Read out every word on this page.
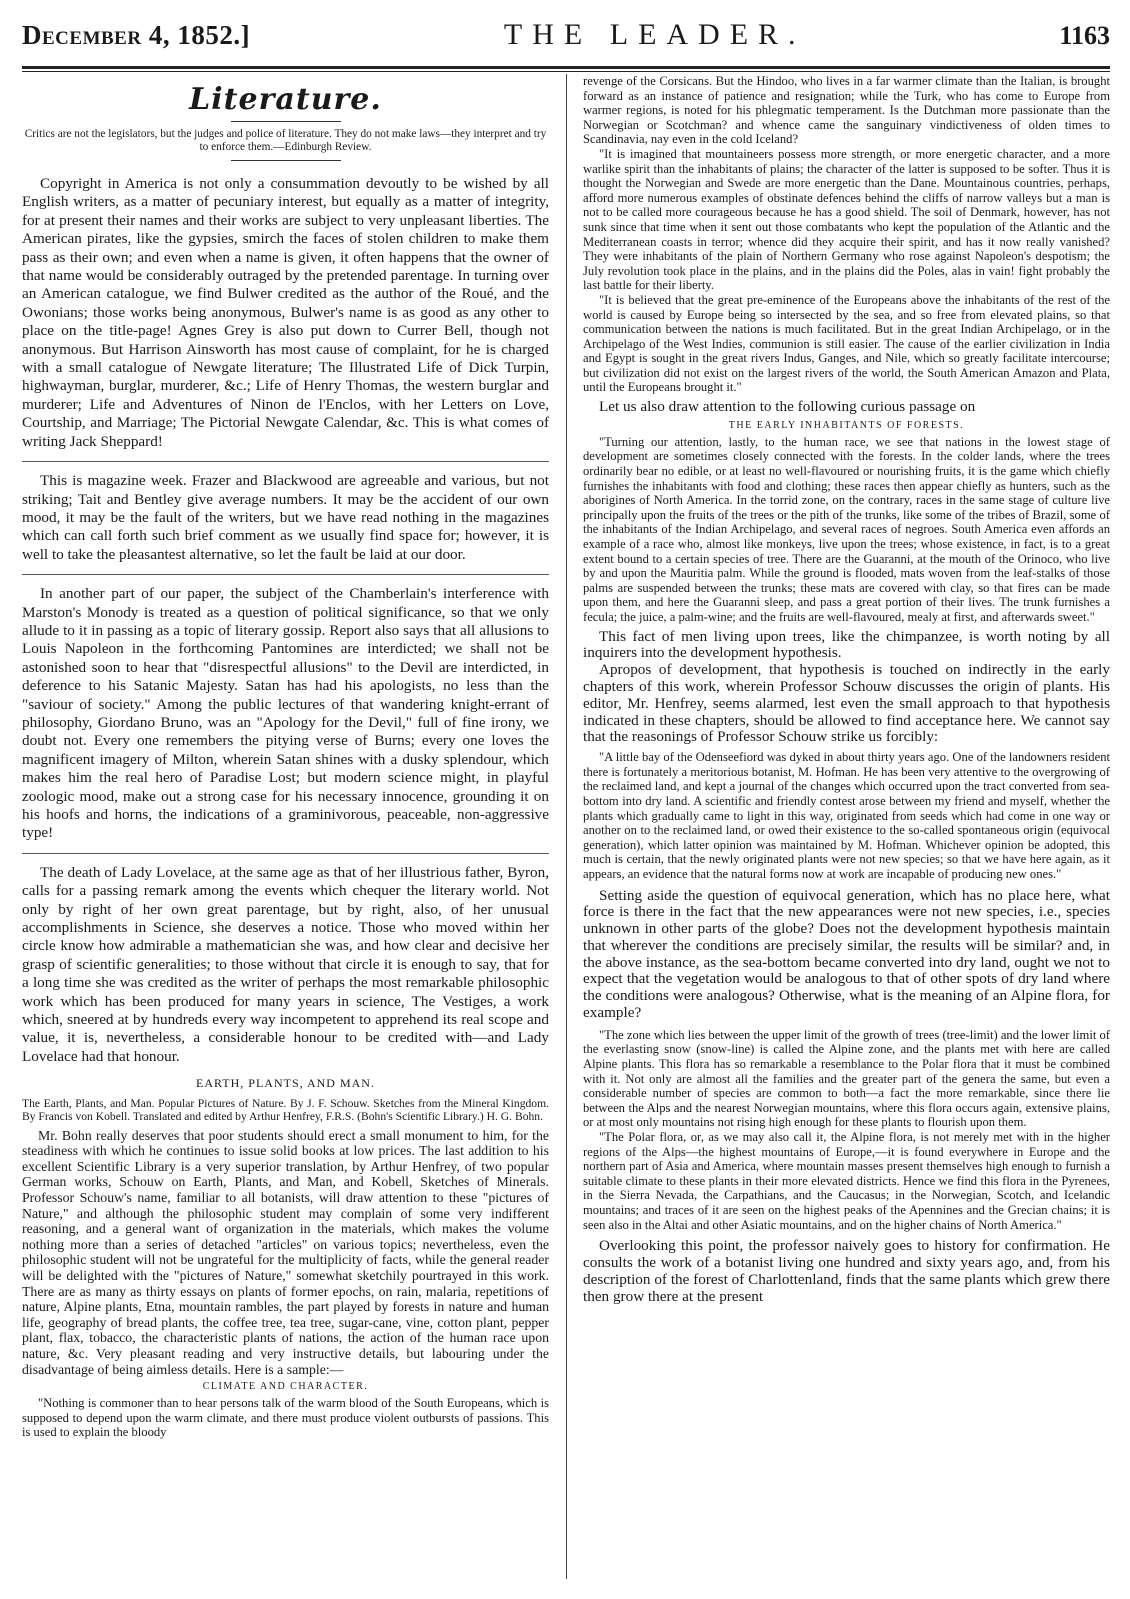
December 4, 1852.]	THE LEADER.	1163
Literature.

Critics are not the legislators, but the judges and police of literature. They do not make laws—they interpret and try to enforce them.—Edinburgh Review.

Copyright in America is not only a consummation devoutly to be wished by all English writers, as a matter of pecuniary interest, but equally as a matter of integrity, for at present their names and their works are subject to very unpleasant liberties. The American pirates, like the gypsies, smirch the faces of stolen children to make them pass as their own; and even when a name is given, it often happens that the owner of that name would be considerably outraged by the pretended parentage. In turning over an American catalogue, we find Bulwer credited as the author of the Roué, and the Owonians; those works being anonymous, Bulwer's name is as good as any other to place on the title-page! Agnes Grey is also put down to Currer Bell, though not anonymous. But Harrison Ainsworth has most cause of complaint, for he is charged with a small catalogue of Newgate literature; The Illustrated Life of Dick Turpin, highwayman, burglar, murderer, &c.; Life of Henry Thomas, the western burglar and murderer; Life and Adventures of Ninon de l'Enclos, with her Letters on Love, Courtship, and Marriage; The Pictorial Newgate Calendar, &c. This is what comes of writing Jack Sheppard!

This is magazine week. Frazer and Blackwood are agreeable and various, but not striking; Tait and Bentley give average numbers. It may be the accident of our own mood, it may be the fault of the writers, but we have read nothing in the magazines which can call forth such brief comment as we usually find space for; however, it is well to take the pleasantest alternative, so let the fault be laid at our door.

In another part of our paper, the subject of the Chamberlain's interference with Marston's Monody is treated as a question of political significance, so that we only allude to it in passing as a topic of literary gossip. Report also says that all allusions to Louis Napoleon in the forthcoming Pantomines are interdicted; we shall not be astonished soon to hear that "disrespectful allusions" to the Devil are interdicted, in deference to his Satanic Majesty. Satan has had his apologists, no less than the "saviour of society." Among the public lectures of that wandering knight-errant of philosophy, Giordano Bruno, was an "Apology for the Devil," full of fine irony, we doubt not. Every one remembers the pitying verse of Burns; every one loves the magnificent imagery of Milton, wherein Satan shines with a dusky splendour, which makes him the real hero of Paradise Lost; but modern science might, in playful zoologic mood, make out a strong case for his necessary innocence, grounding it on his hoofs and horns, the indications of a graminivorous, peaceable, non-aggressive type!

The death of Lady Lovelace, at the same age as that of her illustrious father, Byron, calls for a passing remark among the events which chequer the literary world. Not only by right of her own great parentage, but by right, also, of her unusual accomplishments in Science, she deserves a notice. Those who moved within her circle know how admirable a mathematician she was, and how clear and decisive her grasp of scientific generalities; to those without that circle it is enough to say, that for a long time she was credited as the writer of perhaps the most remarkable philosophic work which has been produced for many years in science, The Vestiges, a work which, sneered at by hundreds every way incompetent to apprehend its real scope and value, it is, nevertheless, a considerable honour to be credited with—and Lady Lovelace had that honour.

EARTH, PLANTS, AND MAN.

The Earth, Plants, and Man. Popular Pictures of Nature. By J. F. Schouw. Sketches from the Mineral Kingdom. By Francis von Kobell. Translated and edited by Arthur Henfrey, F.R.S. (Bohn's Scientific Library.) H. G. Bohn.

Mr. Bohn really deserves that poor students should erect a small monument to him, for the steadiness with which he continues to issue solid books at low prices. The last addition to his excellent Scientific Library is a very superior translation, by Arthur Henfrey, of two popular German works, Schouw on Earth, Plants, and Man, and Kobell, Sketches of Minerals. Professor Schouw's name, familiar to all botanists, will draw attention to these "pictures of Nature," and although the philosophic student may complain of some very indifferent reasoning, and a general want of organization in the materials, which makes the volume nothing more than a series of detached "articles" on various topics; nevertheless, even the philosophic student will not be ungrateful for the multiplicity of facts, while the general reader will be delighted with the "pictures of Nature," somewhat sketchily pourtrayed in this work. There are as many as thirty essays on plants of former epochs, on rain, malaria, repetitions of nature, Alpine plants, Etna, mountain rambles, the part played by forests in nature and human life, geography of bread plants, the coffee tree, tea tree, sugar-cane, vine, cotton plant, pepper plant, flax, tobacco, the characteristic plants of nations, the action of the human race upon nature, &c. Very pleasant reading and very instructive details, but labouring under the disadvantage of being aimless details. Here is a sample:—

CLIMATE AND CHARACTER.

"Nothing is commoner than to hear persons talk of the warm blood of the South Europeans, which is supposed to depend upon the warm climate, and there must produce violent outbursts of passions. This is used to explain the bloody

revenge of the Corsicans. But the Hindoo, who lives in a far warmer climate than the Italian, is brought forward as an instance of patience and resignation; while the Turk, who has come to Europe from warmer regions, is noted for his phlegmatic temperament. Is the Dutchman more passionate than the Norwegian or Scotchman? and whence came the sanguinary vindictiveness of olden times to Scandinavia, nay even in the cold Iceland?

"It is imagined that mountaineers possess more strength, or more energetic character, and a more warlike spirit than the inhabitants of plains; the character of the latter is supposed to be softer. Thus it is thought the Norwegian and Swede are more energetic than the Dane. Mountainous countries, perhaps, afford more numerous examples of obstinate defences behind the cliffs of narrow valleys but a man is not to be called more courageous because he has a good shield. The soil of Denmark, however, has not sunk since that time when it sent out those combatants who kept the population of the Atlantic and the Mediterranean coasts in terror; whence did they acquire their spirit, and has it now really vanished? They were inhabitants of the plain of Northern Germany who rose against Napoleon's despotism; the July revolution took place in the plains, and in the plains did the Poles, alas in vain! fight probably the last battle for their liberty.

"It is believed that the great pre-eminence of the Europeans above the inhabitants of the rest of the world is caused by Europe being so intersected by the sea, and so free from elevated plains, so that communication between the nations is much facilitated. But in the great Indian Archipelago, or in the Archipelago of the West Indies, communion is still easier. The cause of the earlier civilization in India and Egypt is sought in the great rivers Indus, Ganges, and Nile, which so greatly facilitate intercourse; but civilization did not exist on the largest rivers of the world, the South American Amazon and Plata, until the Europeans brought it."

Let us also draw attention to the following curious passage on

THE EARLY INHABITANTS OF FORESTS.

"Turning our attention, lastly, to the human race, we see that nations in the lowest stage of development are sometimes closely connected with the forests. In the colder lands, where the trees ordinarily bear no edible, or at least no well-flavoured or nourishing fruits, it is the game which chiefly furnishes the inhabitants with food and clothing; these races then appear chiefly as hunters, such as the aborigines of North America. In the torrid zone, on the contrary, races in the same stage of culture live principally upon the fruits of the trees or the pith of the trunks, like some of the tribes of Brazil, some of the inhabitants of the Indian Archipelago, and several races of negroes. South America even affords an example of a race who, almost like monkeys, live upon the trees; whose existence, in fact, is to a great extent bound to a certain species of tree. There are the Guaranni, at the mouth of the Orinoco, who live by and upon the Mauritia palm. While the ground is flooded, mats woven from the leaf-stalks of those palms are suspended between the trunks; these mats are covered with clay, so that fires can be made upon them, and here the Guaranni sleep, and pass a great portion of their lives. The trunk furnishes a fecula; the juice, a palm-wine; and the fruits are well-flavoured, mealy at first, and afterwards sweet."

This fact of men living upon trees, like the chimpanzee, is worth noting by all inquirers into the development hypothesis.

Apropos of development, that hypothesis is touched on indirectly in the early chapters of this work, wherein Professor Schouw discusses the origin of plants. His editor, Mr. Henfrey, seems alarmed, lest even the small approach to that hypothesis indicated in these chapters, should be allowed to find acceptance here. We cannot say that the reasonings of Professor Schouw strike us forcibly:

"A little bay of the Odenseefiord was dyked in about thirty years ago. One of the landowners resident there is fortunately a meritorious botanist, M. Hofman. He has been very attentive to the overgrowing of the reclaimed land, and kept a journal of the changes which occurred upon the tract converted from sea-bottom into dry land. A scientific and friendly contest arose between my friend and myself, whether the plants which gradually came to light in this way, originated from seeds which had come in one way or another on to the reclaimed land, or owed their existence to the so-called spontaneous origin (equivocal generation), which latter opinion was maintained by M. Hofman. Whichever opinion be adopted, this much is certain, that the newly originated plants were not new species; so that we have here again, as it appears, an evidence that the natural forms now at work are incapable of producing new ones."

Setting aside the question of equivocal generation, which has no place here, what force is there in the fact that the new appearances were not new species, i.e., species unknown in other parts of the globe? Does not the development hypothesis maintain that wherever the conditions are precisely similar, the results will be similar? and, in the above instance, as the sea-bottom became converted into dry land, ought we not to expect that the vegetation would be analogous to that of other spots of dry land where the conditions were analogous? Otherwise, what is the meaning of an Alpine flora, for example?

"The zone which lies between the upper limit of the growth of trees (tree-limit) and the lower limit of the everlasting snow (snow-line) is called the Alpine zone, and the plants met with here are called Alpine plants. This flora has so remarkable a resemblance to the Polar flora that it must be combined with it. Not only are almost all the families and the greater part of the genera the same, but even a considerable number of species are common to both—a fact the more remarkable, since there lie between the Alps and the nearest Norwegian mountains, where this flora occurs again, extensive plains, or at most only mountains not rising high enough for these plants to flourish upon them.

"The Polar flora, or, as we may also call it, the Alpine flora, is not merely met with in the higher regions of the Alps—the highest mountains of Europe,—it is found everywhere in Europe and the northern part of Asia and America, where mountain masses present themselves high enough to furnish a suitable climate to these plants in their more elevated districts. Hence we find this flora in the Pyrenees, in the Sierra Nevada, the Carpathians, and the Caucasus; in the Norwegian, Scotch, and Icelandic mountains; and traces of it are seen on the highest peaks of the Apennines and the Grecian chains; it is seen also in the Altai and other Asiatic mountains, and on the higher chains of North America."

Overlooking this point, the professor naively goes to history for confirmation. He consults the work of a botanist living one hundred and sixty years ago, and, from his description of the forest of Charlottenland, finds that the same plants which grew there then grow there at the present
